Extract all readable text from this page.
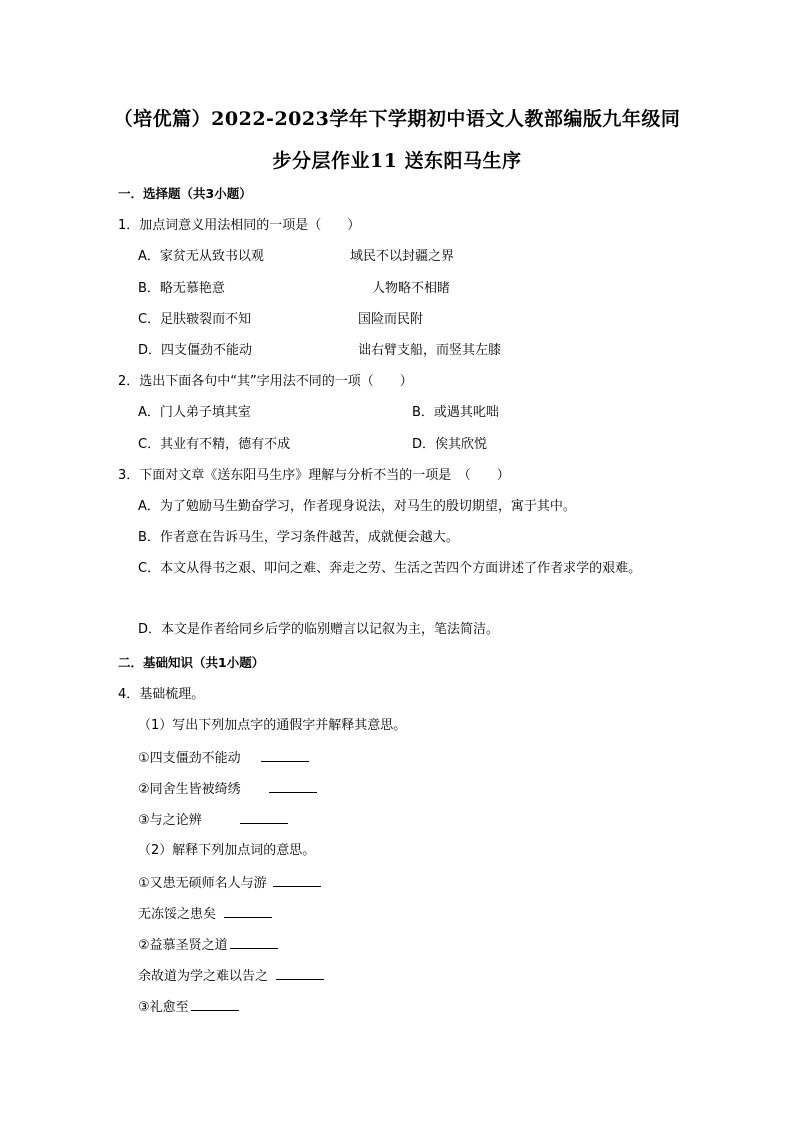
（培优篇）2022-2023学年下学期初中语文人教部编版九年级同
步分层作业11 送东阳马生序
一．选择题（共3小题）
1．加点词意义用法相同的一项是（　　）
A．家贫无从致书以观	域民不以封疆之界
B．略无慕艳意	人物略不相睹
C．足肤皲裂而不知	国险而民附
D．四支僵劲不能动	诎右臂支船，而竖其左膝
2．选出下面各句中“其”字用法不同的一项（　　）
A．门人弟子填其室	B．或遇其叱咄
C．其业有不精，德有不成	D．俟其欣悦
3．下面对文章《送东阳马生序》理解与分析不当的一项是　（　　）
A．为了勉励马生勤奋学习，作者现身说法，对马生的殷切期望，寓于其中。
B．作者意在告诉马生，学习条件越苦，成就便会越大。
C．本文从得书之艰、叩问之难、奔走之劳、生活之苦四个方面讲述了作者求学的艰难。
D．本文是作者给同乡后学的临别赠言以记叙为主，笔法简洁。
二．基础知识（共1小题）
4．基础梳理。
（1）写出下列加点字的通假字并解释其意思。
①四支僵劲不能动
②同舍生皆被绮绣
③与之论辨
（2）解释下列加点词的意思。
①又患无硕师名人与游
无冻馁之患矣
②益慕圣贤之道
余故道为学之难以告之
③礼愈至
